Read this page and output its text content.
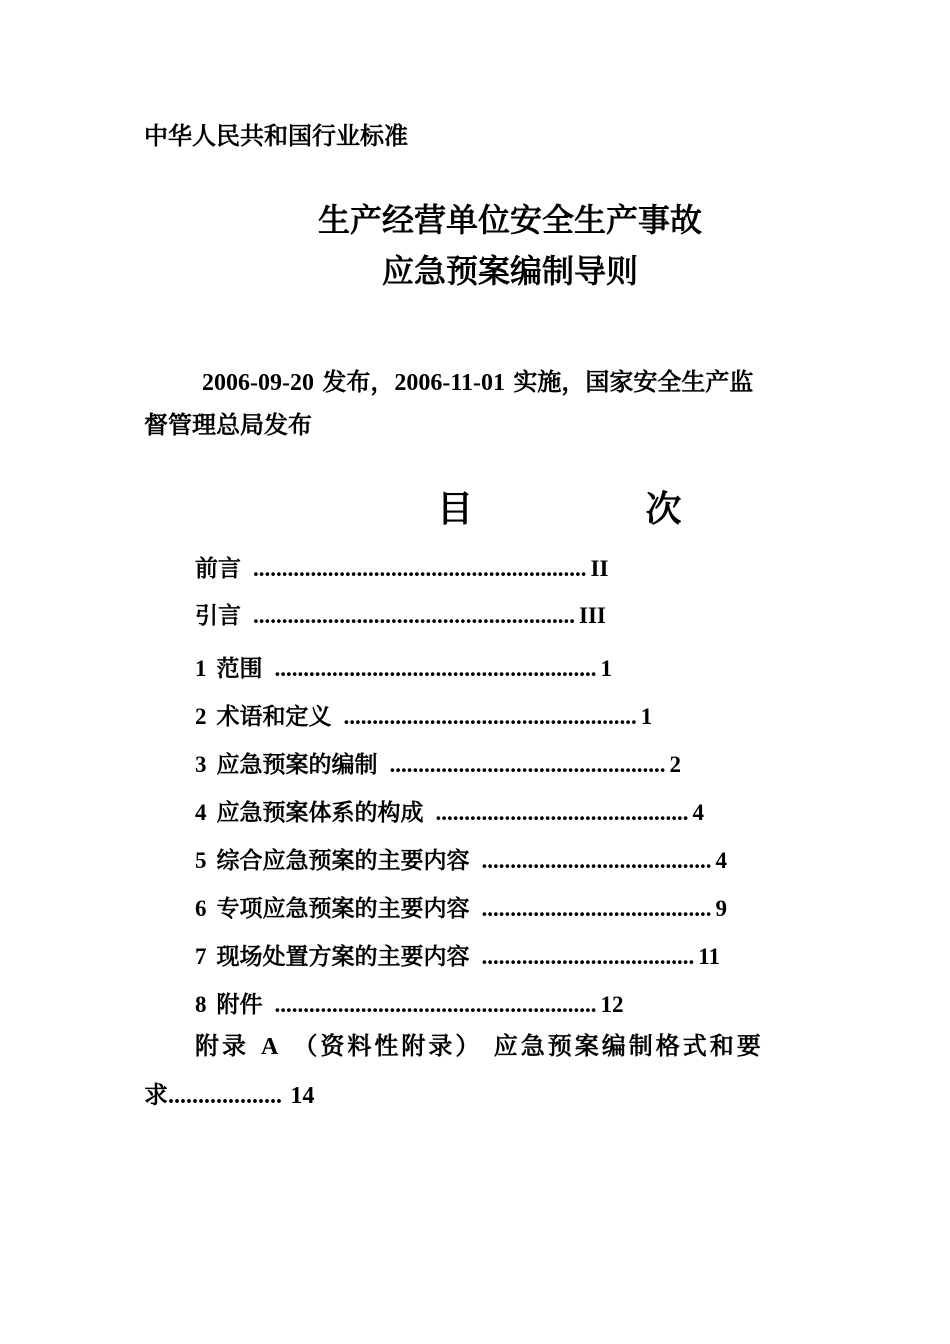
中华人民共和国行业标准
生产经营单位安全生产事故
应急预案编制导则
2006-09-20 发布，2006-11-01 实施，国家安全生产监
督管理总局发布
目 次
前言 .......................................................... II
引言 ........................................................ III
1 范围 ........................................................ 1
2 术语和定义 ................................................... 1
3 应急预案的编制 ................................................ 2
4 应急预案体系的构成 ............................................ 4
5 综合应急预案的主要内容 ........................................ 4
6 专项应急预案的主要内容 ........................................ 9
7 现场处置方案的主要内容 ..................................... 11
8 附件 ........................................................ 12
附录 A （资料性附录） 应急预案编制格式和要
求................... 14
